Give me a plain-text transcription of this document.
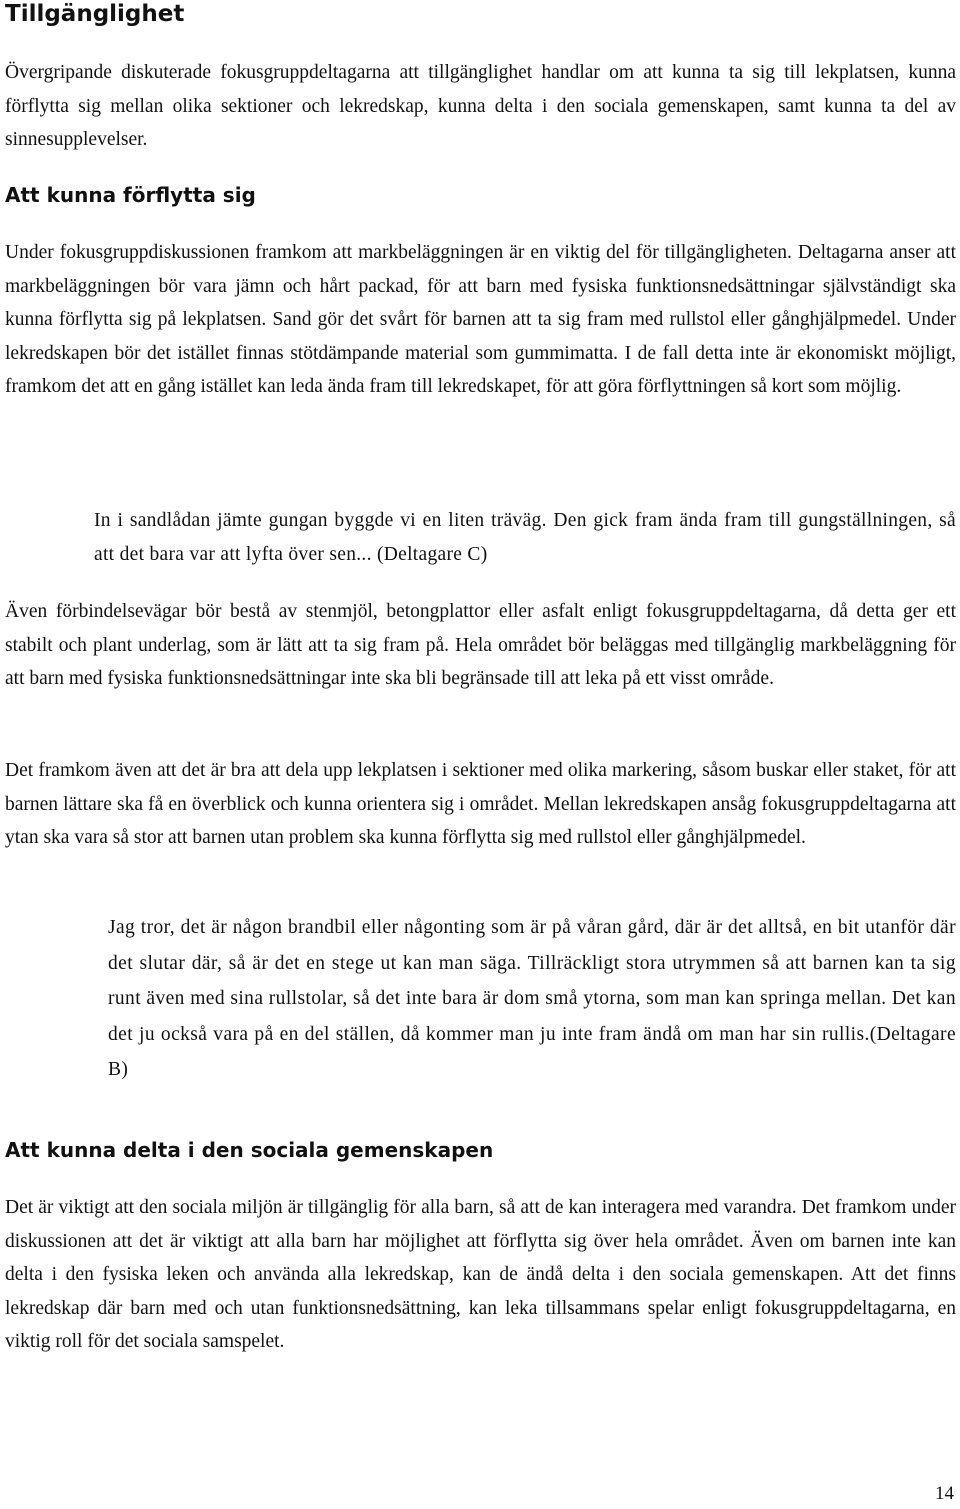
Tillgänglighet

Övergripande diskuterade fokusgruppdeltagarna att tillgänglighet handlar om att kunna ta sig till lekplatsen, kunna förflytta sig mellan olika sektioner och lekredskap, kunna delta i den sociala gemenskapen, samt kunna ta del av sinnesupplevelser.

Att kunna förflytta sig

Under fokusgruppdiskussionen framkom att markbeläggningen är en viktig del för tillgängligheten. Deltagarna anser att markbeläggningen bör vara jämn och hårt packad, för att barn med fysiska funktionsnedsättningar självständigt ska kunna förflytta sig på lekplatsen. Sand gör det svårt för barnen att ta sig fram med rullstol eller gånghjälpmedel. Under lekredskapen bör det istället finnas stötdämpande material som gummimatta. I de fall detta inte är ekonomiskt möjligt, framkom det att en gång istället kan leda ända fram till lekredskapet, för att göra förflyttningen så kort som möjlig.

In i sandlådan jämte gungan byggde vi en liten träväg. Den gick fram ända fram till gungställningen, så att det bara var att lyfta över sen... (Deltagare C)

Även förbindelsevägar bör bestå av stenmjöl, betongplattor eller asfalt enligt fokusgruppdeltagarna, då detta ger ett stabilt och plant underlag, som är lätt att ta sig fram på. Hela området bör beläggas med tillgänglig markbeläggning för att barn med fysiska funktionsnedsättningar inte ska bli begränsade till att leka på ett visst område.

Det framkom även att det är bra att dela upp lekplatsen i sektioner med olika markering, såsom buskar eller staket, för att barnen lättare ska få en överblick och kunna orientera sig i området. Mellan lekredskapen ansåg fokusgruppdeltagarna att ytan ska vara så stor att barnen utan problem ska kunna förflytta sig med rullstol eller gånghjälpmedel.

Jag tror, det är någon brandbil eller någonting som är på våran gård, där är det alltså, en bit utanför där det slutar där, så är det en stege ut kan man säga. Tillräckligt stora utrymmen så att barnen kan ta sig runt även med sina rullstolar, så det inte bara är dom små ytorna, som man kan springa mellan. Det kan det ju också vara på en del ställen, då kommer man ju inte fram ändå om man har sin rullis.(Deltagare B)

Att kunna delta i den sociala gemenskapen

Det är viktigt att den sociala miljön är tillgänglig för alla barn, så att de kan interagera med varandra. Det framkom under diskussionen att det är viktigt att alla barn har möjlighet att förflytta sig över hela området. Även om barnen inte kan delta i den fysiska leken och använda alla lekredskap, kan de ändå delta i den sociala gemenskapen. Att det finns lekredskap där barn med och utan funktionsnedsättning, kan leka tillsammans spelar enligt fokusgruppdeltagarna, en viktig roll för det sociala samspelet.

14
